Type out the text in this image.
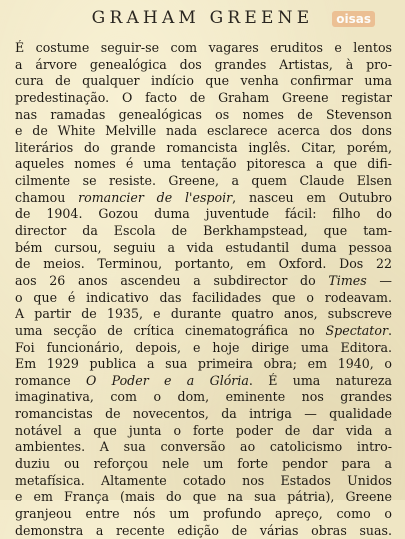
GRAHAM GREENE	oisas
É costume seguir-se com vagares eruditos e lentos
a árvore genealógica dos grandes Artistas, à pro-
cura de qualquer indício que venha confirmar uma
predestinação. O facto de Graham Greene registar
nas ramadas genealógicas os nomes de Stevenson
e de White Melville nada esclarece acerca dos dons
literários do grande romancista inglês. Citar, porém,
aqueles nomes é uma tentação pitoresca a que difi-
cilmente se resiste. Greene, a quem Claude Elsen
chamou romancier de l'espoir, nasceu em Outubro
de 1904. Gozou duma juventude fácil: filho do
director da Escola de Berkhampstead, que tam-
bém cursou, seguiu a vida estudantil duma pessoa
de meios. Terminou, portanto, em Oxford. Dos 22
aos 26 anos ascendeu a subdirector do Times —
o que é indicativo das facilidades que o rodeavam.
A partir de 1935, e durante quatro anos, subscreve
uma secção de crítica cinematográfica no Spectator.
Foi funcionário, depois, e hoje dirige uma Editora.
Em 1929 publica a sua primeira obra; em 1940, o
romance O Poder e a Glória. É uma natureza
imaginativa, com o dom, eminente nos grandes
romancistas de novecentos, da intriga — qualidade
notável a que junta o forte poder de dar vida a
ambientes. A sua conversão ao catolicismo intro-
duziu ou reforçou nele um forte pendor para a
metafísica. Altamente cotado nos Estados Unidos
e em França (mais do que na sua pátria), Greene
granjeou entre nós um profundo apreço, como o
demonstra a recente edição de várias obras suas.
